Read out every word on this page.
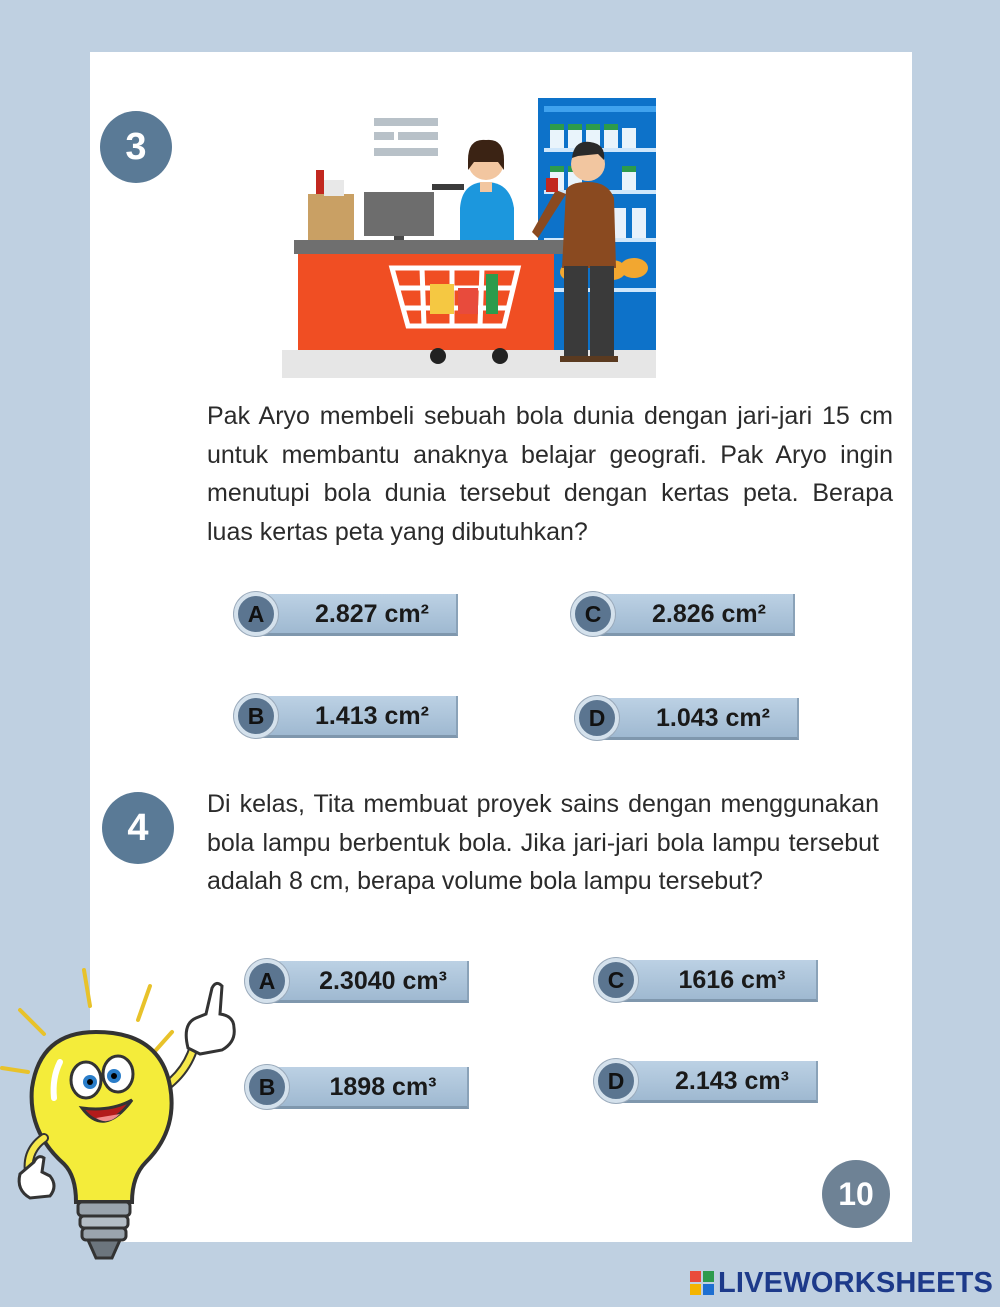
3

Pak Aryo membeli sebuah bola dunia dengan jari-jari 15 cm untuk membantu anaknya belajar geografi. Pak Aryo ingin menutupi bola dunia tersebut dengan kertas peta. Berapa luas kertas peta yang dibutuhkan?

A	2.827 cm²
B	1.413 cm²
C	2.826 cm²
D	1.043 cm²
4

Di kelas, Tita membuat proyek sains dengan menggunakan bola lampu berbentuk bola. Jika jari-jari bola lampu tersebut adalah 8 cm, berapa volume bola lampu tersebut?

A	2.3040 cm³
B	1898 cm³
C	1616 cm³
D	2.143 cm³
10
LIVEWORKSHEETS
